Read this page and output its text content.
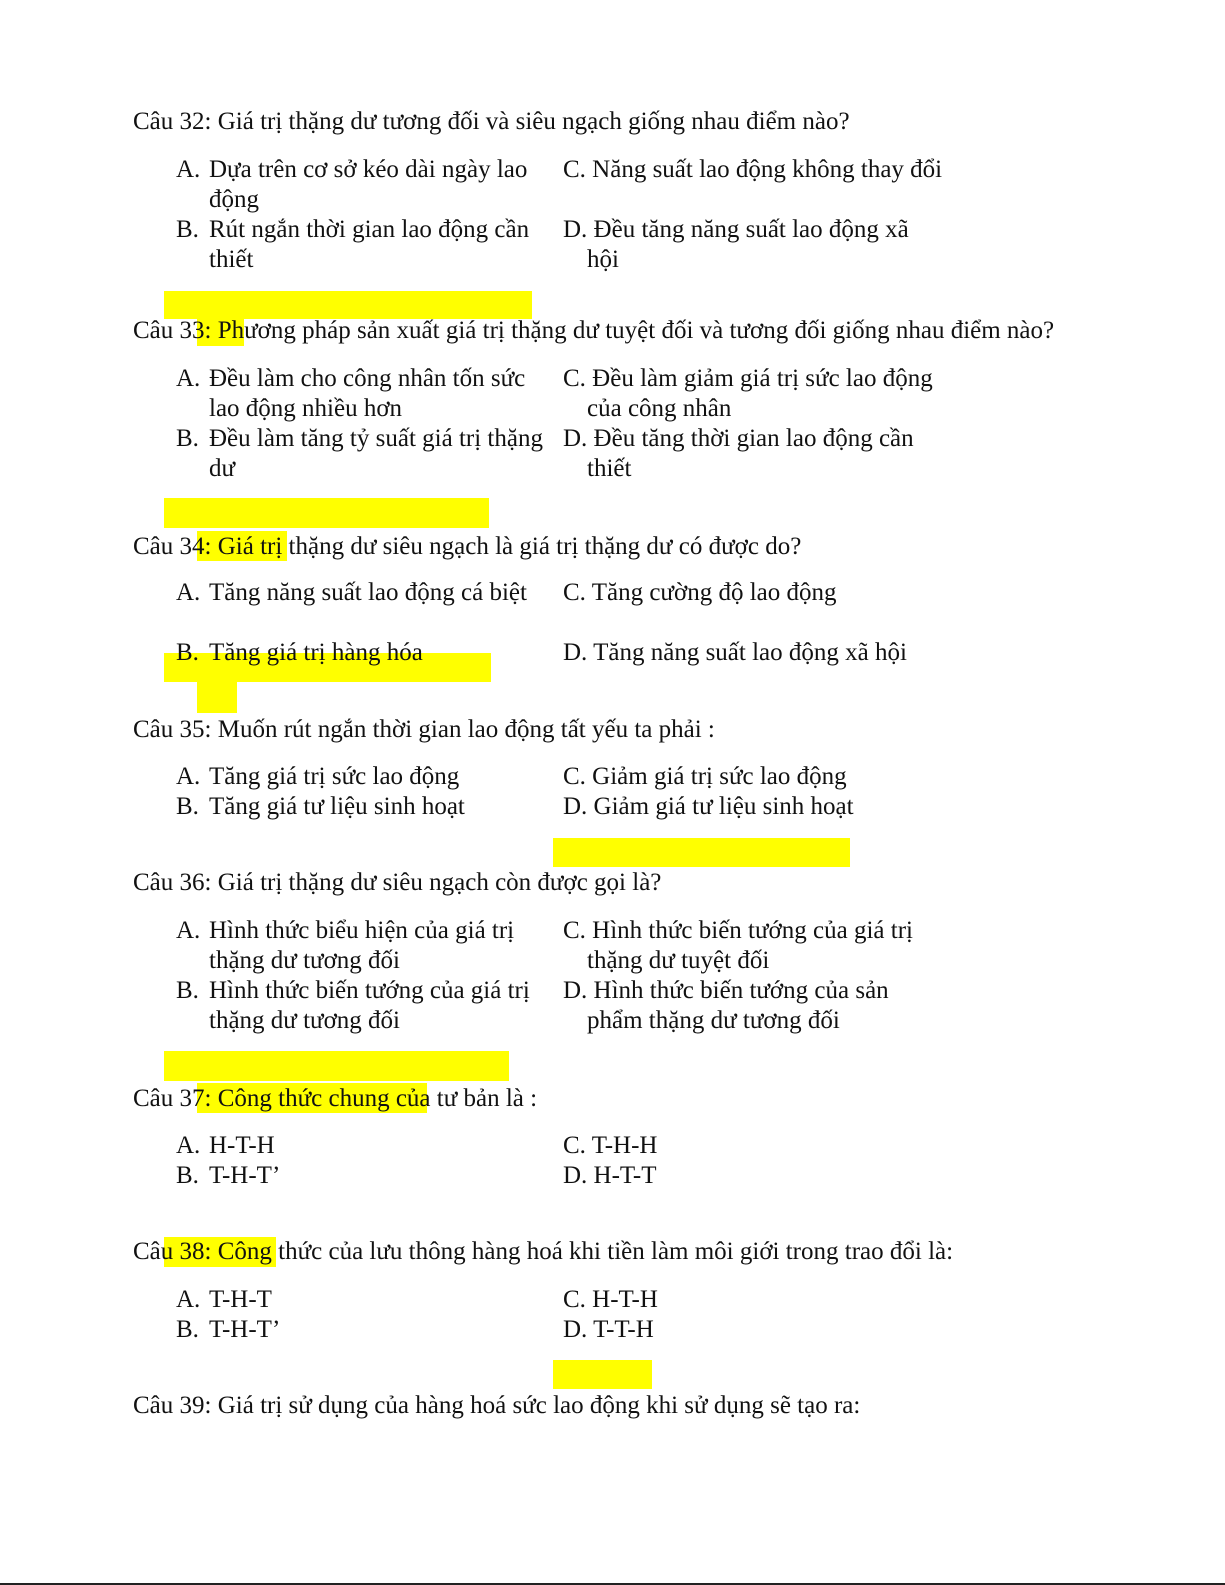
Câu 32: Giá trị thặng dư tương đối và siêu ngạch giống nhau điểm nào?
A. Dựa trên cơ sở kéo dài ngày lao động
C. Năng suất lao động không thay đổi
B. Rút ngắn thời gian lao động cần thiết
D. Đều tăng năng suất lao động xã hội
Câu 33: Phương pháp sản xuất giá trị thặng dư tuyệt đối và tương đối giống nhau điểm nào?
A. Đều làm cho công nhân tốn sức lao động nhiều hơn
C. Đều làm giảm giá trị sức lao động của công nhân
B. Đều làm tăng tỷ suất giá trị thặng dư
D. Đều tăng thời gian lao động cần thiết
Câu 34: Giá trị thặng dư siêu ngạch là giá trị thặng dư có được do?
A. Tăng năng suất lao động cá biệt	C. Tăng cường độ lao động
B. Tăng giá trị hàng hóa	D. Tăng năng suất lao động xã hội
Câu 35: Muốn rút ngắn thời gian lao động tất yếu ta phải :
A. Tăng giá trị sức lao động	C. Giảm giá trị sức lao động
B. Tăng giá tư liệu sinh hoạt	D. Giảm giá tư liệu sinh hoạt
Câu 36: Giá trị thặng dư siêu ngạch còn được gọi là?
A. Hình thức biểu hiện của giá trị thặng dư tương đối
C. Hình thức biến tướng của giá trị thặng dư tuyệt đối
B. Hình thức biến tướng của giá trị thặng dư tương đối
D. Hình thức biến tướng của sản phẩm thặng dư tương đối
Câu 37: Công thức chung của tư bản là :
A. H-T-H	C. T-H-H
B. T-H-T’	D. H-T-T
Câu 38: Công thức của lưu thông hàng hoá khi tiền làm môi giới trong trao đổi là:
A. T-H-T	C. H-T-H
B. T-H-T’	D. T-T-H
Câu 39: Giá trị sử dụng của hàng hoá sức lao động khi sử dụng sẽ tạo ra:
